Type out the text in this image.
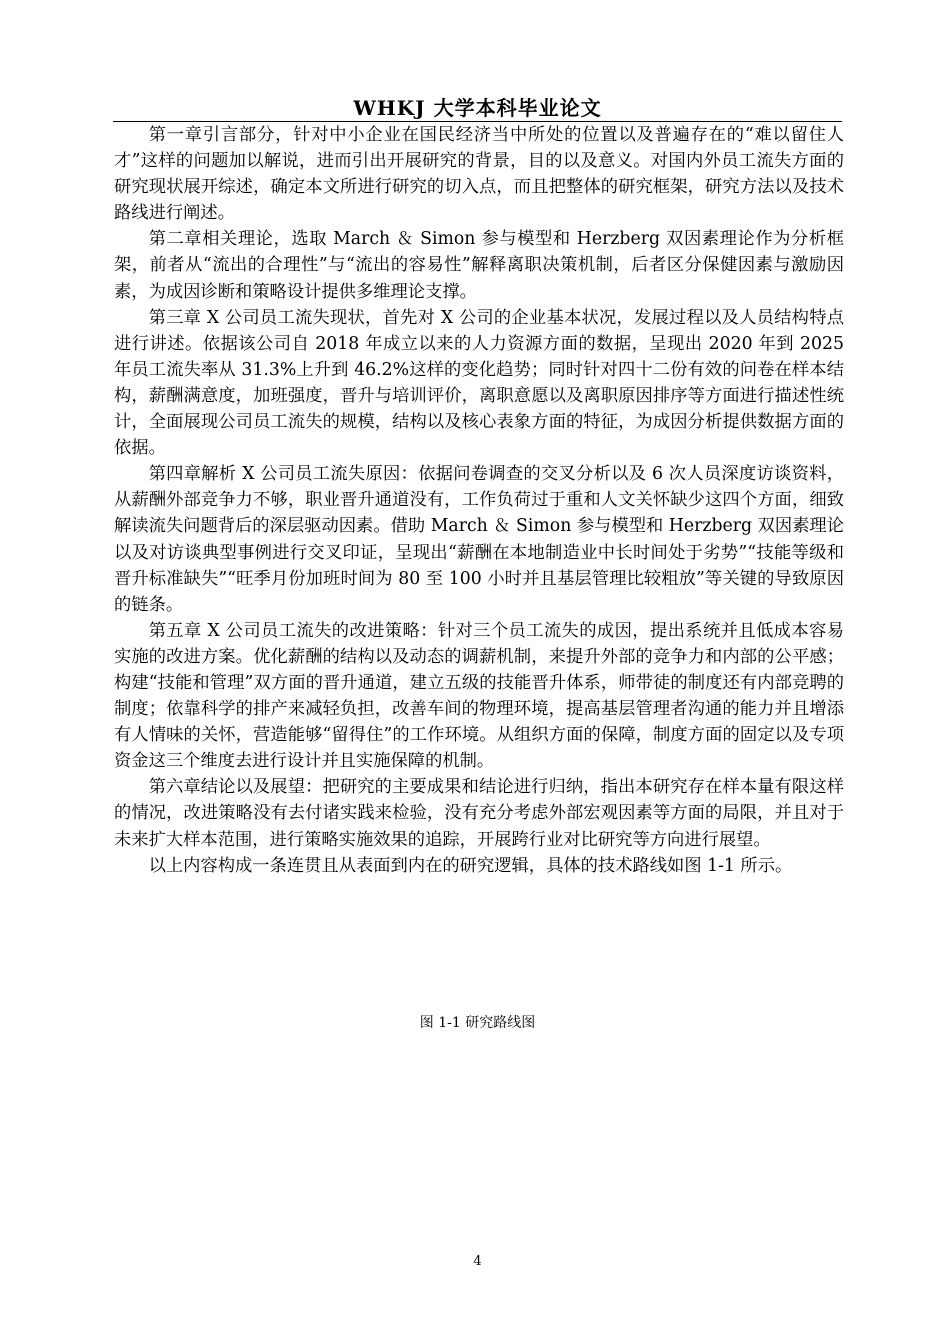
WHKJ 大学本科毕业论文

第一章引言部分，针对中小企业在国民经济当中所处的位置以及普遍存在的“难以留住人才”这样的问题加以解说，进而引出开展研究的背景，目的以及意义。对国内外员工流失方面的研究现状展开综述，确定本文所进行研究的切入点，而且把整体的研究框架，研究方法以及技术路线进行阐述。

第二章相关理论，选取 March ＆ Simon 参与模型和 Herzberg 双因素理论作为分析框架，前者从“流出的合理性”与“流出的容易性”解释离职决策机制，后者区分保健因素与激励因素，为成因诊断和策略设计提供多维理论支撑。

第三章 X 公司员工流失现状，首先对 X 公司的企业基本状况，发展过程以及人员结构特点进行讲述。依据该公司自 2018 年成立以来的人力资源方面的数据，呈现出 2020 年到 2025 年员工流失率从 31.3%上升到 46.2%这样的变化趋势；同时针对四十二份有效的问卷在样本结构，薪酬满意度，加班强度，晋升与培训评价，离职意愿以及离职原因排序等方面进行描述性统计，全面展现公司员工流失的规模，结构以及核心表象方面的特征，为成因分析提供数据方面的依据。

第四章解析 X 公司员工流失原因：依据问卷调查的交叉分析以及 6 次人员深度访谈资料，从薪酬外部竞争力不够，职业晋升通道没有，工作负荷过于重和人文关怀缺少这四个方面，细致解读流失问题背后的深层驱动因素。借助 March ＆ Simon 参与模型和 Herzberg 双因素理论以及对访谈典型事例进行交叉印证，呈现出“薪酬在本地制造业中长时间处于劣势”“技能等级和晋升标准缺失”“旺季月份加班时间为 80 至 100 小时并且基层管理比较粗放”等关键的导致原因的链条。

第五章 X 公司员工流失的改进策略：针对三个员工流失的成因，提出系统并且低成本容易实施的改进方案。优化薪酬的结构以及动态的调薪机制，来提升外部的竞争力和内部的公平感；构建“技能和管理”双方面的晋升通道，建立五级的技能晋升体系，师带徒的制度还有内部竞聘的制度；依靠科学的排产来减轻负担，改善车间的物理环境，提高基层管理者沟通的能力并且增添有人情味的关怀，营造能够“留得住”的工作环境。从组织方面的保障，制度方面的固定以及专项资金这三个维度去进行设计并且实施保障的机制。

第六章结论以及展望：把研究的主要成果和结论进行归纳，指出本研究存在样本量有限这样的情况，改进策略没有去付诸实践来检验，没有充分考虑外部宏观因素等方面的局限，并且对于未来扩大样本范围，进行策略实施效果的追踪，开展跨行业对比研究等方向进行展望。

以上内容构成一条连贯且从表面到内在的研究逻辑，具体的技术路线如图 1-1 所示。

图 1-1 研究路线图
4
